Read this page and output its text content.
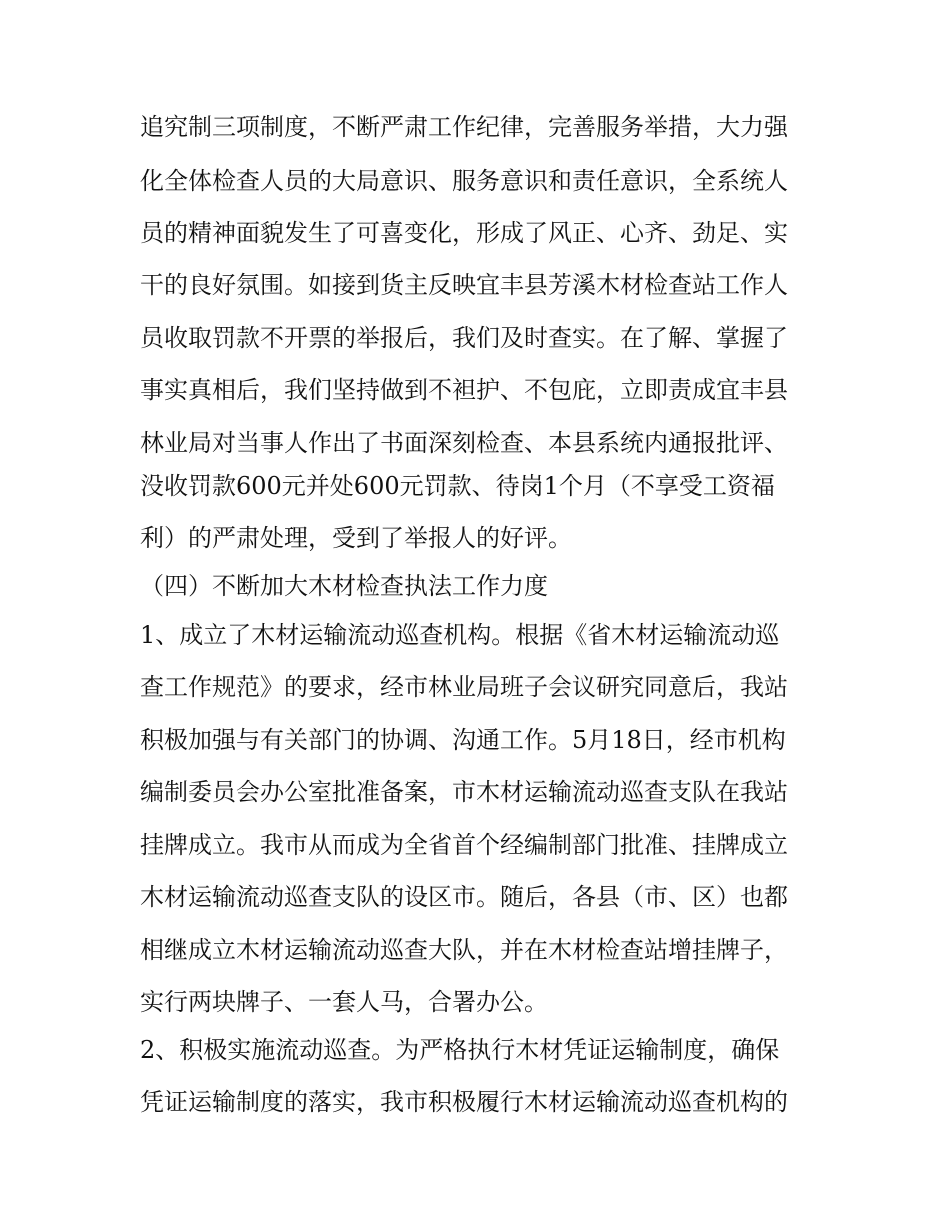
追究制三项制度，不断严肃工作纪律，完善服务举措，大力强
化全体检查人员的大局意识、服务意识和责任意识，全系统人
员的精神面貌发生了可喜变化，形成了风正、心齐、劲足、实
干的良好氛围。如接到货主反映宜丰县芳溪木材检查站工作人
员收取罚款不开票的举报后，我们及时查实。在了解、掌握了
事实真相后，我们坚持做到不袒护、不包庇，立即责成宜丰县
林业局对当事人作出了书面深刻检查、本县系统内通报批评、
没收罚款600元并处600元罚款、待岗1个月（不享受工资福
利）的严肃处理，受到了举报人的好评。
（四）不断加大木材检查执法工作力度
1、成立了木材运输流动巡查机构。根据《省木材运输流动巡
查工作规范》的要求，经市林业局班子会议研究同意后，我站
积极加强与有关部门的协调、沟通工作。5月18日，经市机构
编制委员会办公室批准备案，市木材运输流动巡查支队在我站
挂牌成立。我市从而成为全省首个经编制部门批准、挂牌成立
木材运输流动巡查支队的设区市。随后，各县（市、区）也都
相继成立木材运输流动巡查大队，并在木材检查站增挂牌子，
实行两块牌子、一套人马，合署办公。
2、积极实施流动巡查。为严格执行木材凭证运输制度，确保
凭证运输制度的落实，我市积极履行木材运输流动巡查机构的
